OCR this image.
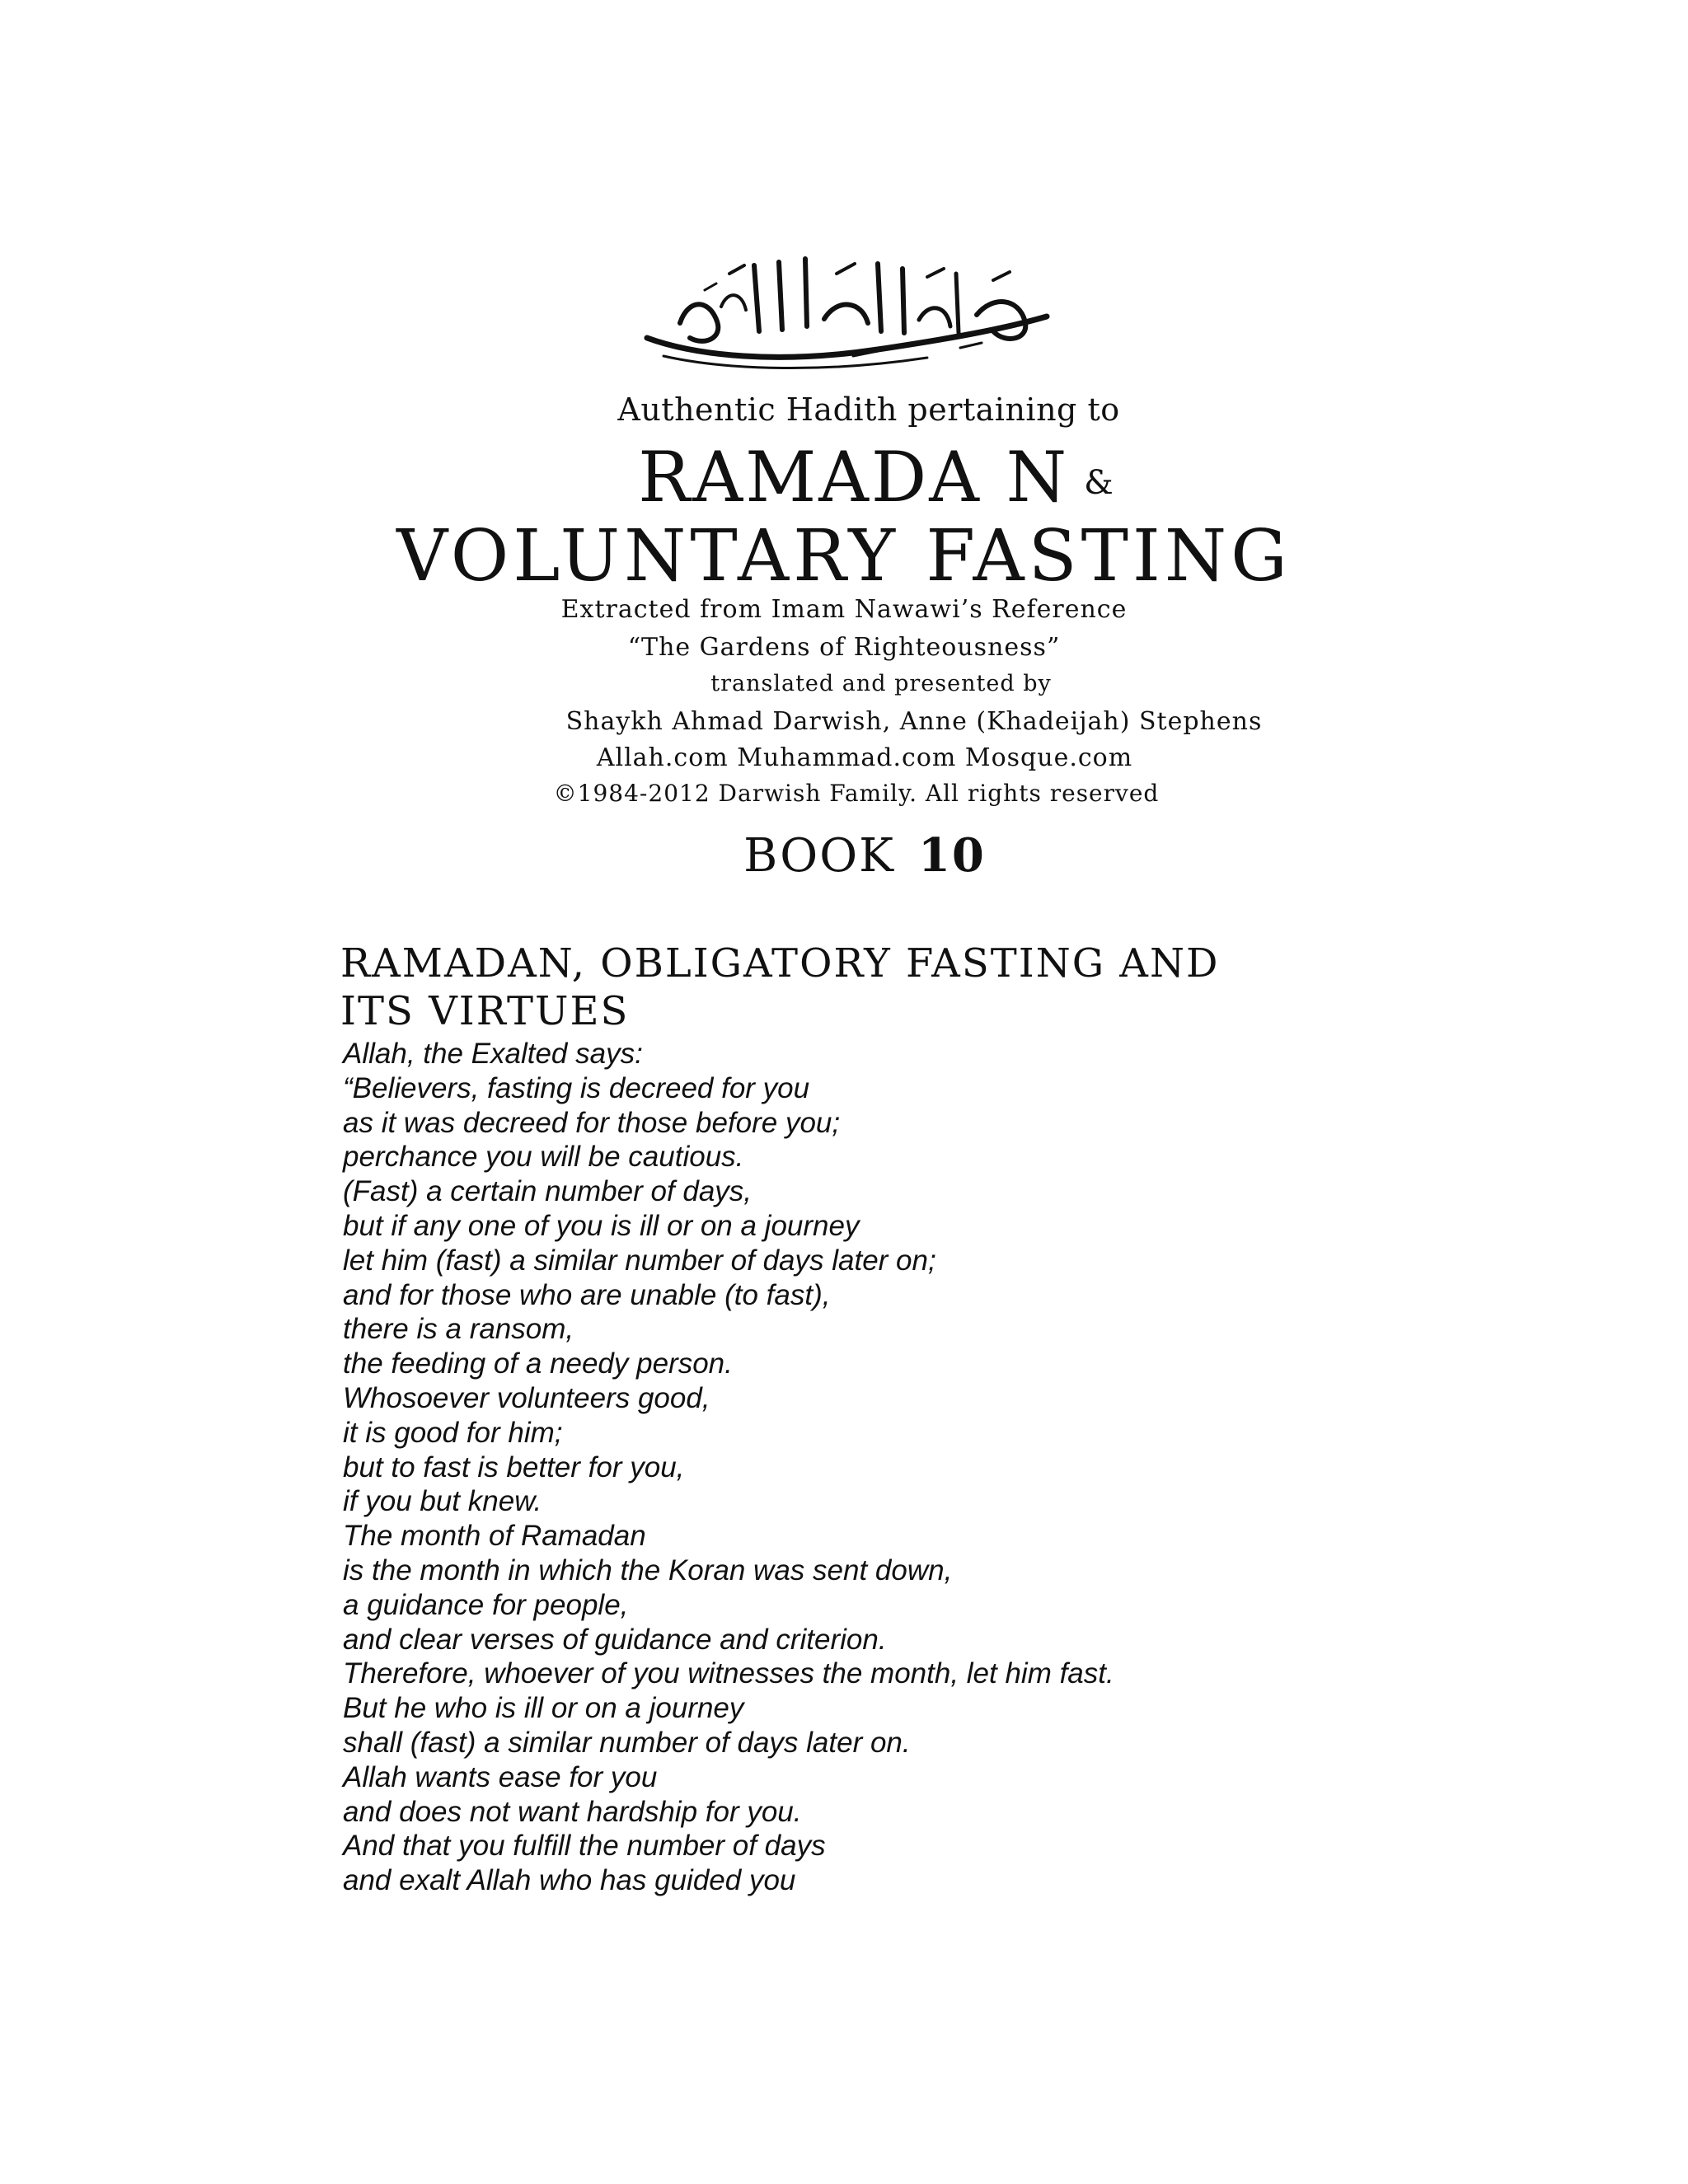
Authentic Hadith pertaining to
RAMADA N &
VOLUNTARY FASTING
Extracted from Imam Nawawi’s Reference
“The Gardens of Righteousness”
translated and presented by
Shaykh Ahmad Darwish, Anne (Khadeijah) Stephens
Allah.com Muhammad.com Mosque.com
©1984-2012 Darwish Family. All rights reserved
BOOK 10
RAMADAN, OBLIGATORY FASTING AND
ITS VIRTUES
Allah, the Exalted says:
“Believers, fasting is decreed for you
as it was decreed for those before you;
perchance you will be cautious.
(Fast) a certain number of days,
but if any one of you is ill or on a journey
let him (fast) a similar number of days later on;
and for those who are unable (to fast),
there is a ransom,
the feeding of a needy person.
Whosoever volunteers good,
it is good for him;
but to fast is better for you,
if you but knew.
The month of Ramadan
is the month in which the Koran was sent down,
a guidance for people,
and clear verses of guidance and criterion.
Therefore, whoever of you witnesses the month, let him fast.
But he who is ill or on a journey
shall (fast) a similar number of days later on.
Allah wants ease for you
and does not want hardship for you.
And that you fulfill the number of days
and exalt Allah who has guided you
